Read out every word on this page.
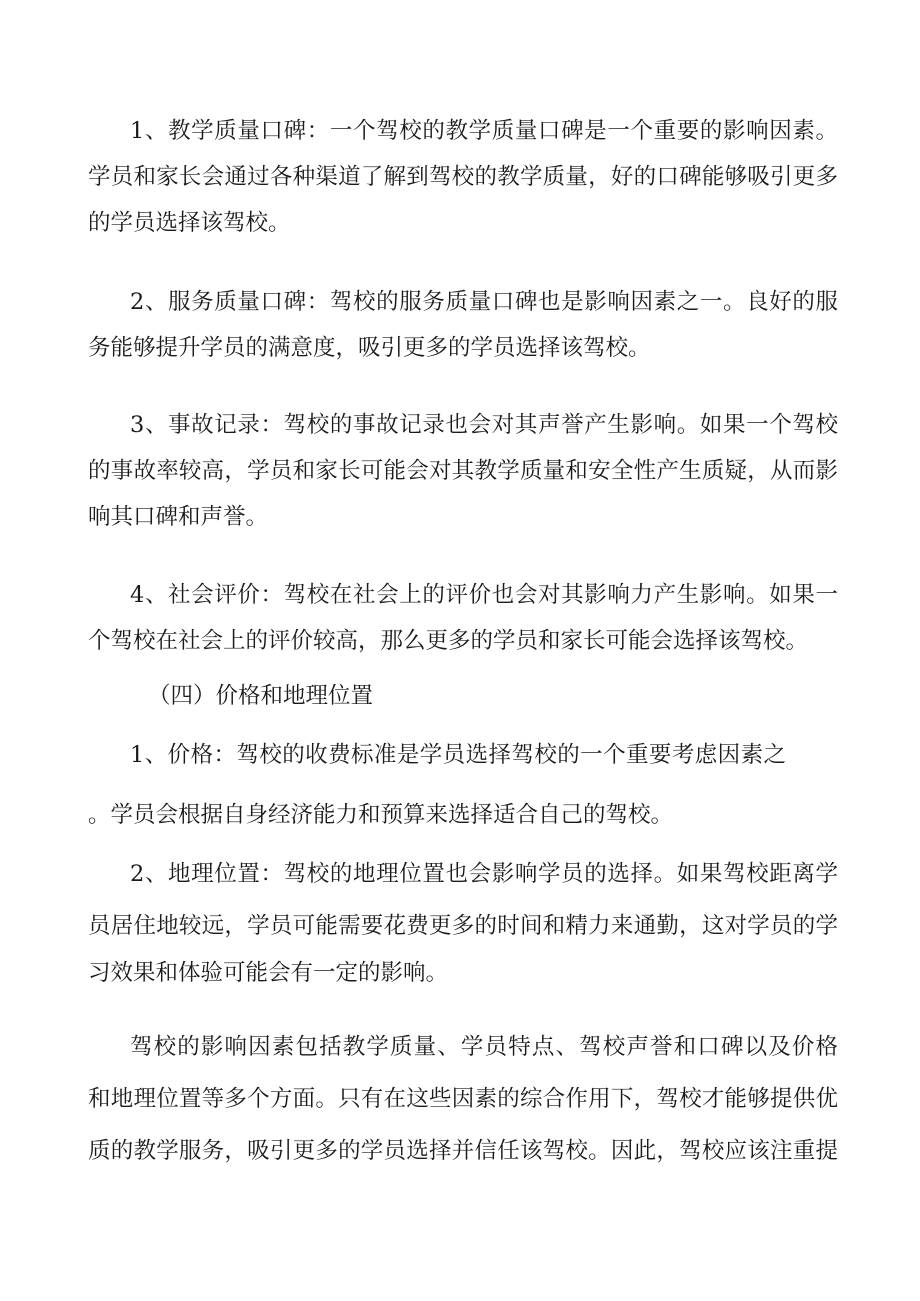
1、教学质量口碑：一个驾校的教学质量口碑是一个重要的影响因素。
学员和家长会通过各种渠道了解到驾校的教学质量，好的口碑能够吸引更多
的学员选择该驾校。
2、服务质量口碑：驾校的服务质量口碑也是影响因素之一。良好的服
务能够提升学员的满意度，吸引更多的学员选择该驾校。
3、事故记录：驾校的事故记录也会对其声誉产生影响。如果一个驾校
的事故率较高，学员和家长可能会对其教学质量和安全性产生质疑，从而影
响其口碑和声誉。
4、社会评价：驾校在社会上的评价也会对其影响力产生影响。如果一
个驾校在社会上的评价较高，那么更多的学员和家长可能会选择该驾校。
（四）价格和地理位置
1、价格：驾校的收费标准是学员选择驾校的一个重要考虑因素之
。学员会根据自身经济能力和预算来选择适合自己的驾校。
2、地理位置：驾校的地理位置也会影响学员的选择。如果驾校距离学
员居住地较远，学员可能需要花费更多的时间和精力来通勤，这对学员的学
习效果和体验可能会有一定的影响。
驾校的影响因素包括教学质量、学员特点、驾校声誉和口碑以及价格
和地理位置等多个方面。只有在这些因素的综合作用下，驾校才能够提供优
质的教学服务，吸引更多的学员选择并信任该驾校。因此，驾校应该注重提
